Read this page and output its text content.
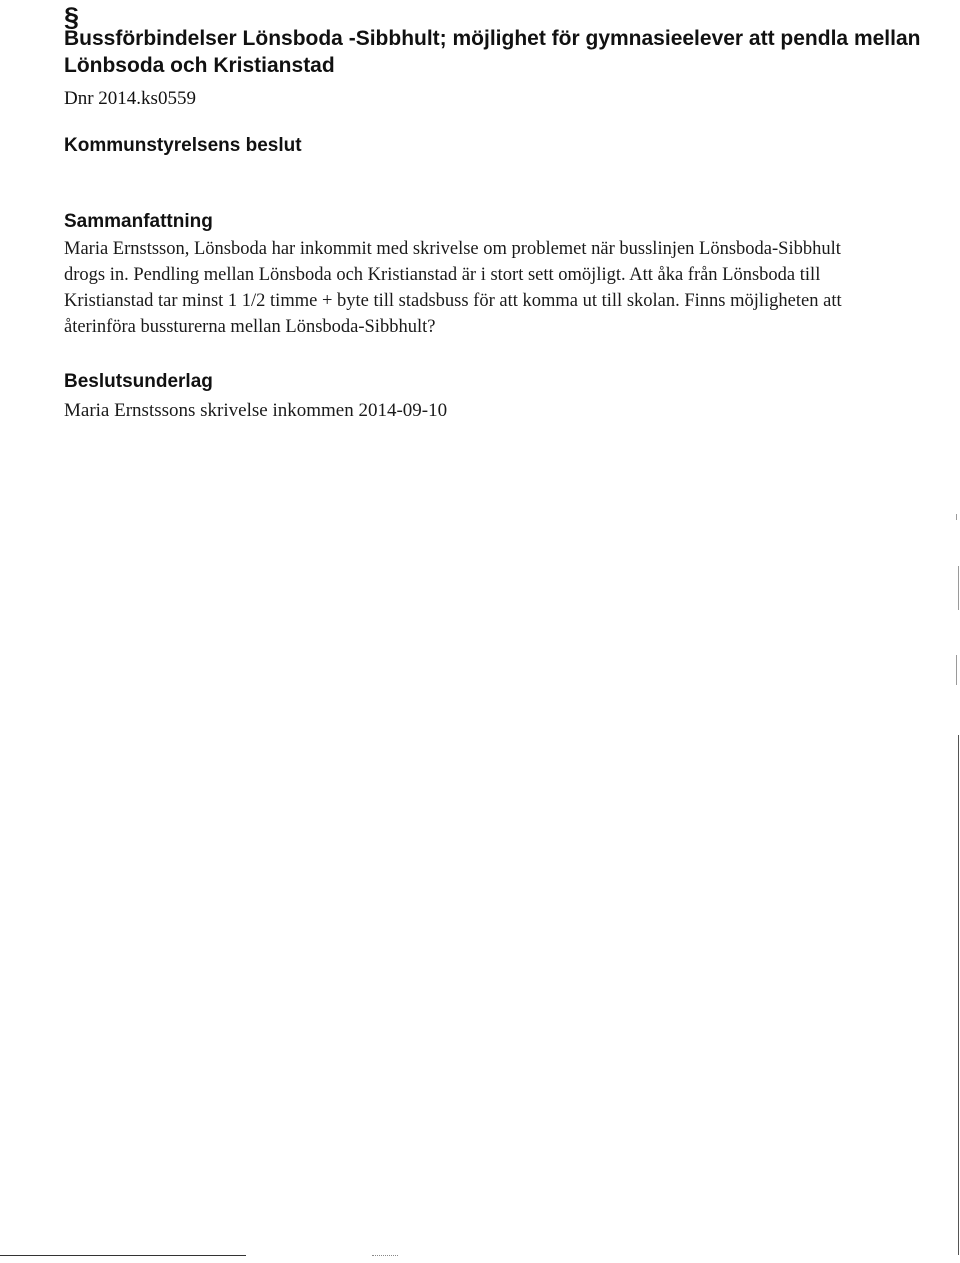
§
Bussförbindelser Lönsboda -Sibbhult; möjlighet för gymnasieelever att pendla mellan Lönbsoda och Kristianstad
Dnr 2014.ks0559
Kommunstyrelsens beslut
Sammanfattning

Maria Ernstsson, Lönsboda har inkommit med skrivelse om problemet när busslinjen Lönsboda-Sibbhult drogs in. Pendling mellan Lönsboda och Kristianstad är i stort sett omöjligt. Att åka från Lönsboda till Kristianstad tar minst 1 1/2 timme + byte till stadsbuss för att komma ut till skolan. Finns möjligheten att återinföra bussturerna mellan Lönsboda-Sibbhult?

Beslutsunderlag

Maria Ernstssons skrivelse inkommen 2014-09-10
